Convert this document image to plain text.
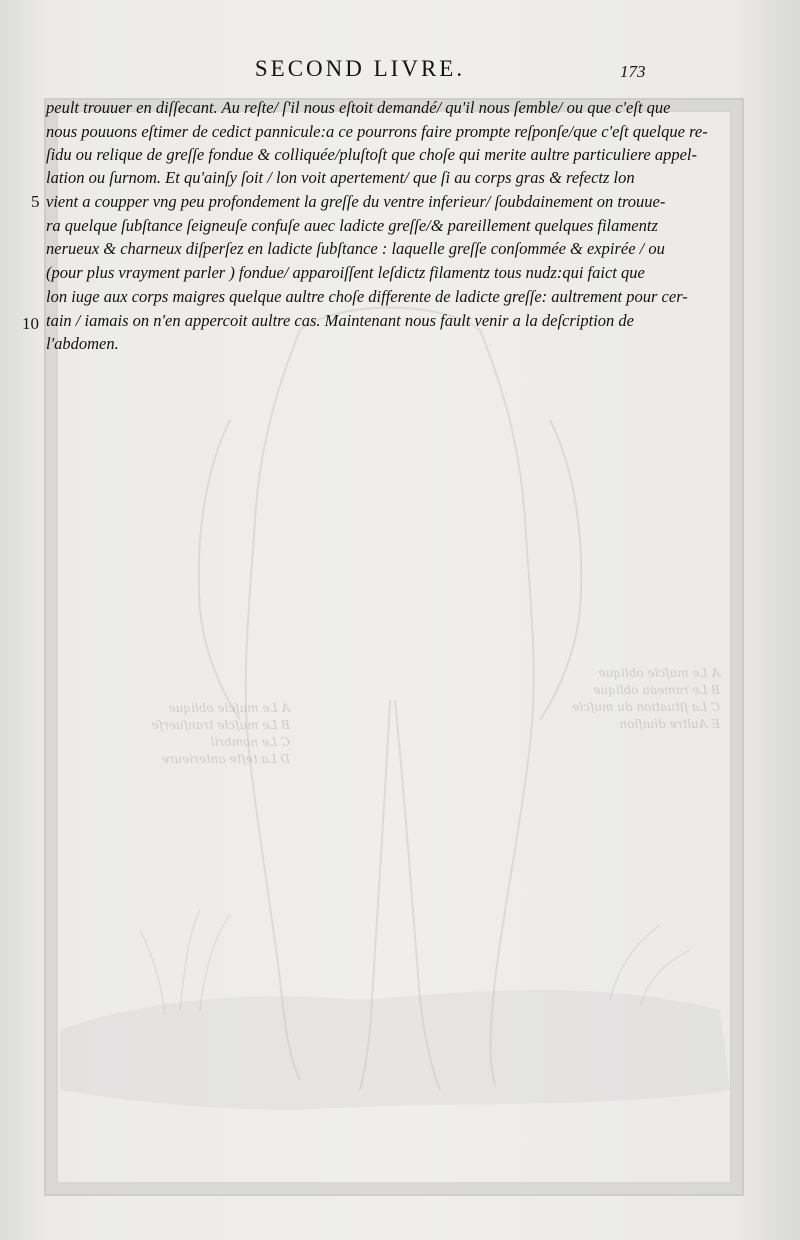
A Le muſcle oblique
B Le muſcle tranſuerſe
C Le nombril
D La teſte anterieure
A Le muſcle oblique
B Le rameau oblique
C La ſituation du muſcle
E Aultre diuiſion
SECOND LIVRE.	173
5
10
peult trouuer en diſſecant. Au reſte/ ſ'il nous eſtoit demandé/ qu'il nous ſemble/ ou que c'eſt que
nous pouuons eſtimer de cedict pannicule:a ce pourrons faire prompte reſponſe/que c'eſt quelque re-
ſidu ou relique de greſſe fondue & colliquée/pluſtoſt que choſe qui merite aultre particuliere appel-
lation ou ſurnom. Et qu'ainſy ſoit / lon voit apertement/ que ſi au corps gras & refectz lon
vient a coupper vng peu profondement la greſſe du ventre inferieur/ ſoubdainement on trouue-
ra quelque ſubſtance ſeigneuſe confuſe auec ladicte greſſe/& pareillement quelques filamentz
nerueux & charneux diſperſez en ladicte ſubſtance : laquelle greſſe conſommée & expirée / ou
(pour plus vrayment parler ) fondue/ apparoiſſent leſdictz filamentz tous nudz:qui faict que
lon iuge aux corps maigres quelque aultre choſe differente de ladicte greſſe: aultrement pour cer-
tain / iamais on n'en appercoit aultre cas. Maintenant nous fault venir a la deſcription de
l'abdomen.
